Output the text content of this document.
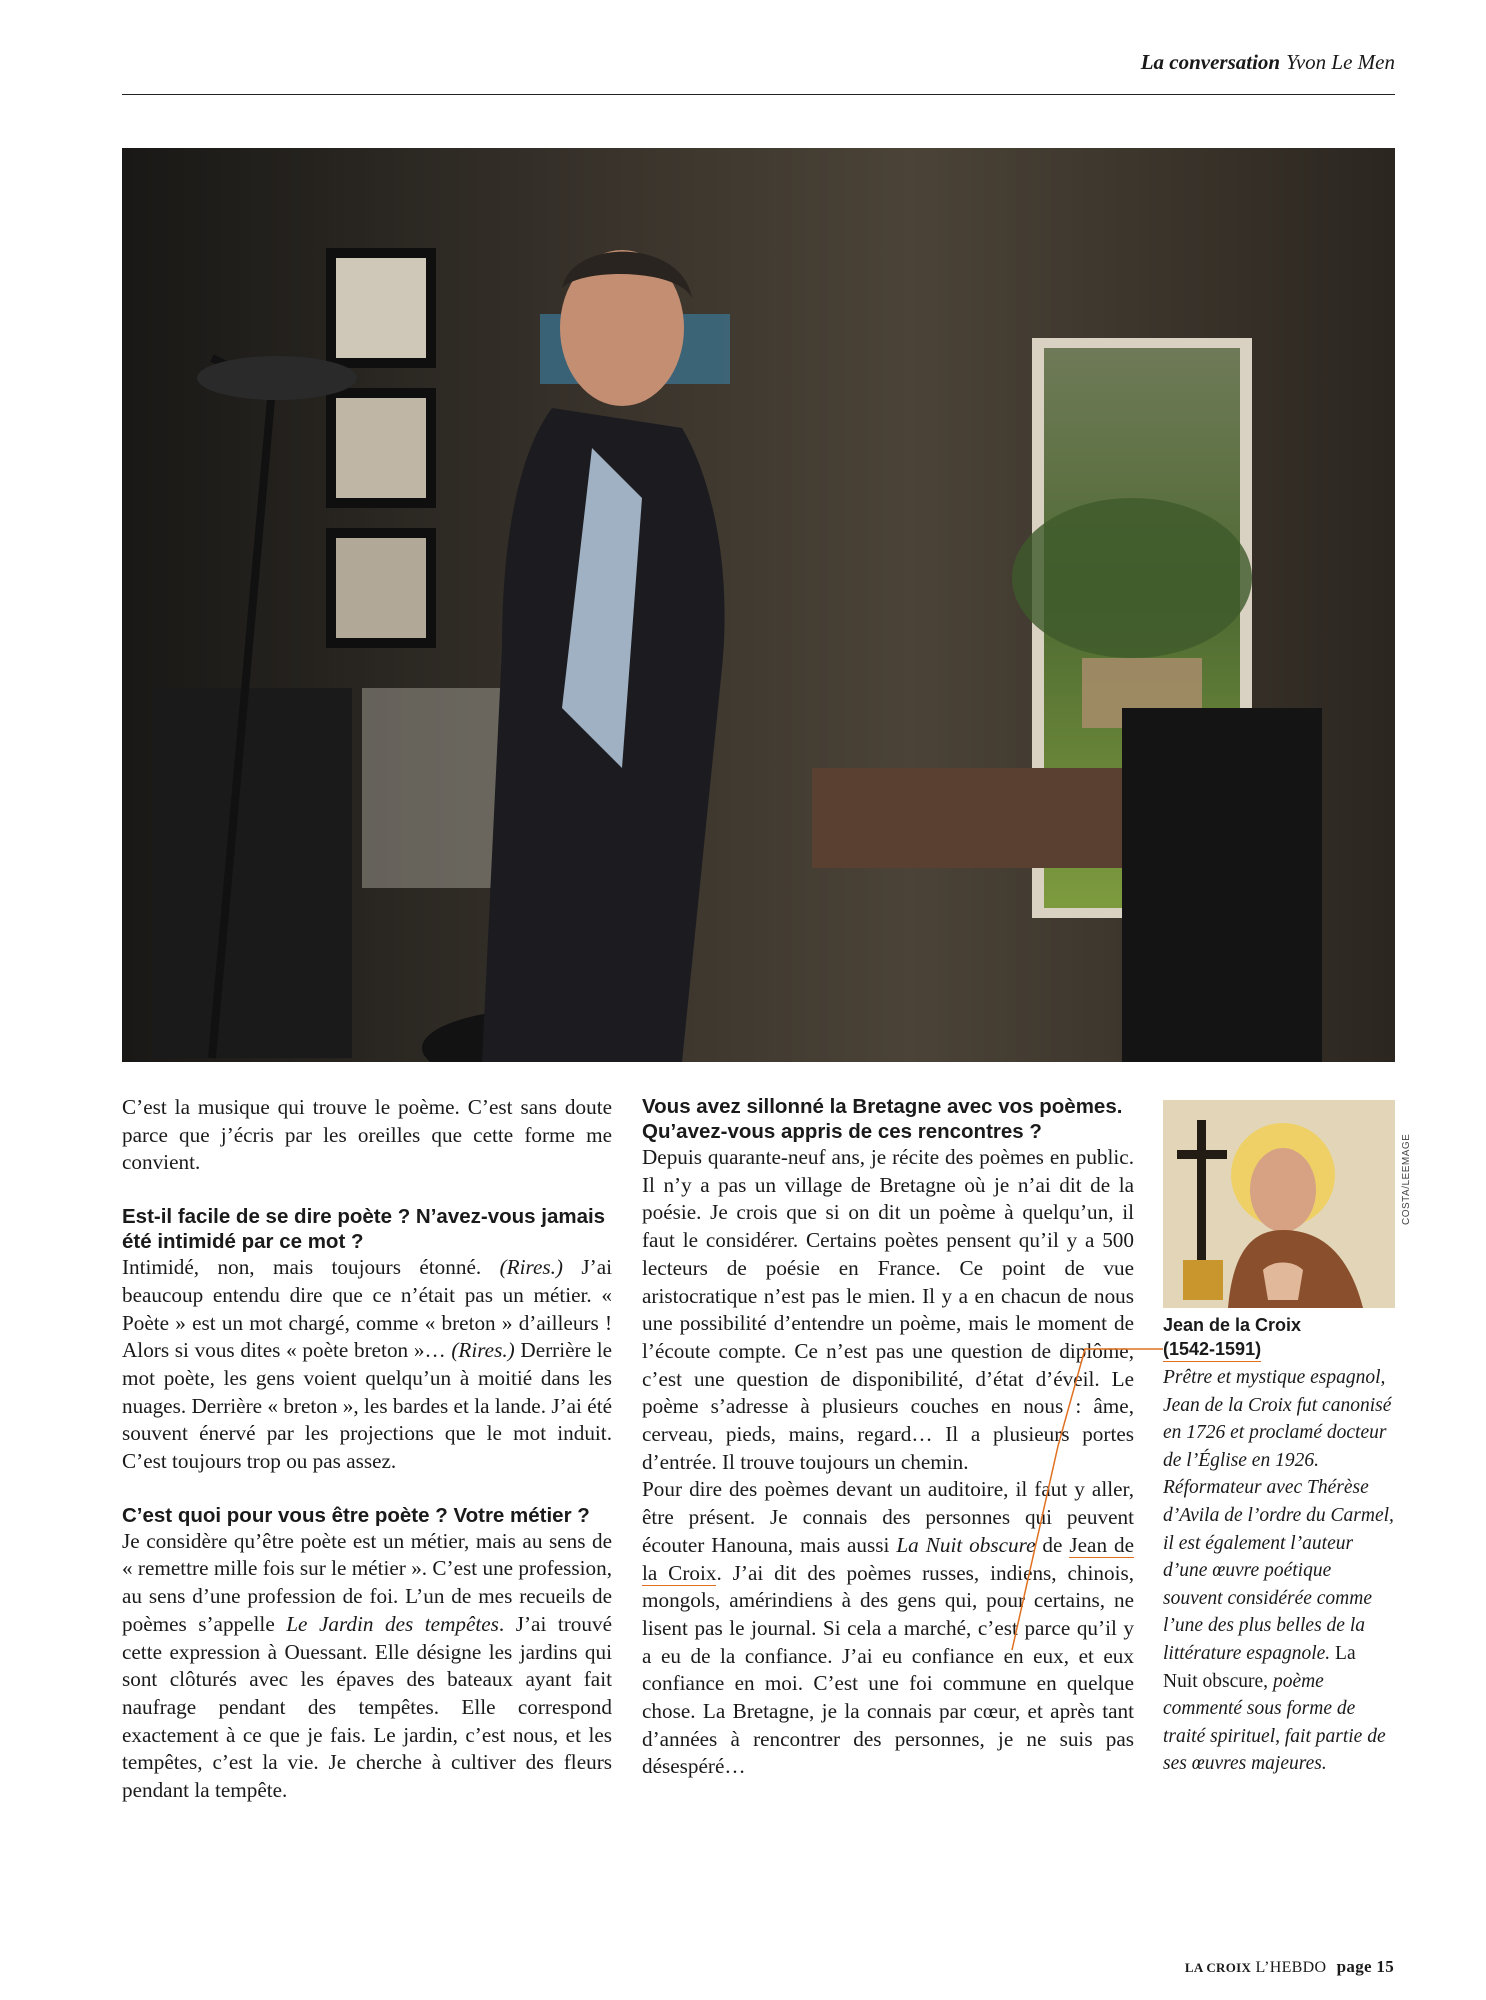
La conversation Yvon Le Men

C’est la musique qui trouve le poème. C’est sans doute parce que j’écris par les oreilles que cette forme me convient.

Est-il facile de se dire poète ? N’avez-vous jamais été intimidé par ce mot ?

Intimidé, non, mais toujours étonné. (Rires.) J’ai beaucoup entendu dire que ce n’était pas un métier. « Poète » est un mot chargé, comme « breton » d’ailleurs ! Alors si vous dites « poète breton »… (Rires.) Derrière le mot poète, les gens voient quelqu’un à moitié dans les nuages. Derrière « breton », les bardes et la lande. J’ai été souvent énervé par les projections que le mot induit. C’est toujours trop ou pas assez.

C’est quoi pour vous être poète ? Votre métier ?

Je considère qu’être poète est un métier, mais au sens de « remettre mille fois sur le métier ». C’est une profession, au sens d’une profession de foi. L’un de mes recueils de poèmes s’appelle Le Jardin des tempêtes. J’ai trouvé cette expression à Ouessant. Elle désigne les jardins qui sont clôturés avec les épaves des bateaux ayant fait naufrage pendant des tempêtes. Elle correspond exactement à ce que je fais. Le jardin, c’est nous, et les tempêtes, c’est la vie. Je cherche à cultiver des fleurs pendant la tempête.

Vous avez sillonné la Bretagne avec vos poèmes. Qu’avez-vous appris de ces rencontres ?

Depuis quarante-neuf ans, je récite des poèmes en public. Il n’y a pas un village de Bretagne où je n’ai dit de la poésie. Je crois que si on dit un poème à quelqu’un, il faut le considérer. Certains poètes pensent qu’il y a 500 lecteurs de poésie en France. Ce point de vue aristocratique n’est pas le mien. Il y a en chacun de nous une possibilité d’entendre un poème, mais le moment de l’écoute compte. Ce n’est pas une question de diplôme, c’est une question de disponibilité, d’état d’éveil. Le poème s’adresse à plusieurs couches en nous : âme, cerveau, pieds, mains, regard… Il a plusieurs portes d’entrée. Il trouve toujours un chemin.

Pour dire des poèmes devant un auditoire, il faut y aller, être présent. Je connais des personnes qui peuvent écouter Hanouna, mais aussi La Nuit obscure de Jean de la Croix. J’ai dit des poèmes russes, indiens, chinois, mongols, amérindiens à des gens qui, pour certains, ne lisent pas le journal. Si cela a marché, c’est parce qu’il y a eu de la confiance. J’ai eu confiance en eux, et eux confiance en moi. C’est une foi commune en quelque chose. La Bretagne, je la connais par cœur, et après tant d’années à rencontrer des personnes, je ne suis pas désespéré…

COSTA/LEEMAGE
Jean de la Croix
(1542-1591)
Prêtre et mystique espagnol, Jean de la Croix fut canonisé en 1726 et proclamé docteur de l’Église en 1926. Réformateur avec Thérèse d’Avila de l’ordre du Carmel, il est également l’auteur d’une œuvre poétique souvent considérée comme l’une des plus belles de la littérature espagnole. La Nuit obscure, poème commenté sous forme de traité spirituel, fait partie de ses œuvres majeures.
LA CROIX L’HEBDO page 15
